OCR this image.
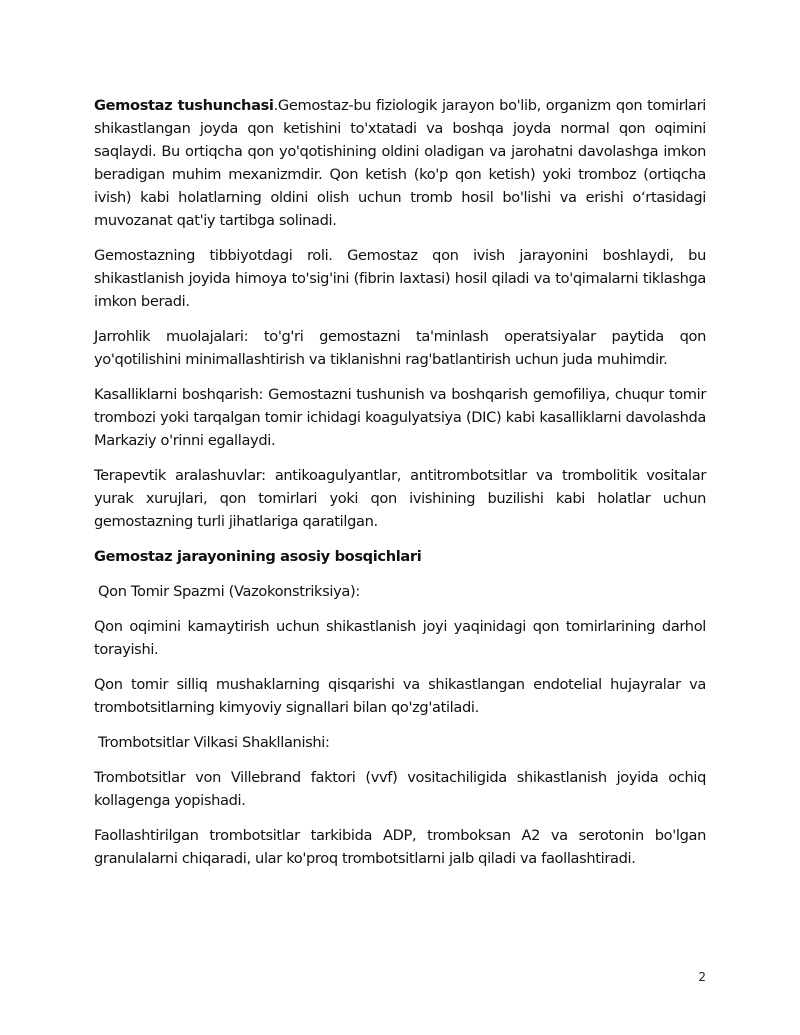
Gemostaz tushunchasi.Gemostaz-bu fiziologik jarayon bo'lib, organizm qon tomirlari shikastlangan joyda qon ketishini to'xtatadi va boshqa joyda normal qon oqimini saqlaydi. Bu ortiqcha qon yo'qotishining oldini oladigan va jarohatni davolashga imkon beradigan muhim mexanizmdir. Qon ketish (ko'p qon ketish) yoki tromboz (ortiqcha ivish) kabi holatlarning oldini olish uchun tromb hosil bo'lishi va erishi o‘rtasidagi muvozanat qat'iy tartibga solinadi.

Gemostazning tibbiyotdagi roli. Gemostaz qon ivish jarayonini boshlaydi, bu shikastlanish joyida himoya to'sig'ini (fibrin laxtasi) hosil qiladi va to'qimalarni tiklashga imkon beradi.

Jarrohlik muolajalari: to'g'ri gemostazni ta'minlash operatsiyalar paytida qon yo'qotilishini minimallashtirish va tiklanishni rag'batlantirish uchun juda muhimdir.

Kasalliklarni boshqarish: Gemostazni tushunish va boshqarish gemofiliya, chuqur tomir trombozi yoki tarqalgan tomir ichidagi koagulyatsiya (DIC) kabi kasalliklarni davolashda Markaziy o'rinni egallaydi.

Terapevtik aralashuvlar: antikoagulyantlar, antitrombotsitlar va trombolitik vositalar yurak xurujlari, qon tomirlari yoki qon ivishining buzilishi kabi holatlar uchun gemostazning turli jihatlariga qaratilgan.

Gemostaz jarayonining asosiy bosqichlari

Qon Tomir Spazmi (Vazokonstriksiya):

Qon oqimini kamaytirish uchun shikastlanish joyi yaqinidagi qon tomirlarining darhol torayishi.

Qon tomir silliq mushaklarning qisqarishi va shikastlangan endotelial hujayralar va trombotsitlarning kimyoviy signallari bilan qo'zg'atiladi.

Trombotsitlar Vilkasi Shakllanishi:

Trombotsitlar von Villebrand faktori (vvf) vositachiligida shikastlanish joyida ochiq kollagenga yopishadi.

Faollashtirilgan trombotsitlar tarkibida ADP, tromboksan A2 va serotonin bo'lgan granulalarni chiqaradi, ular ko'proq trombotsitlarni jalb qiladi va faollashtiradi.

2
